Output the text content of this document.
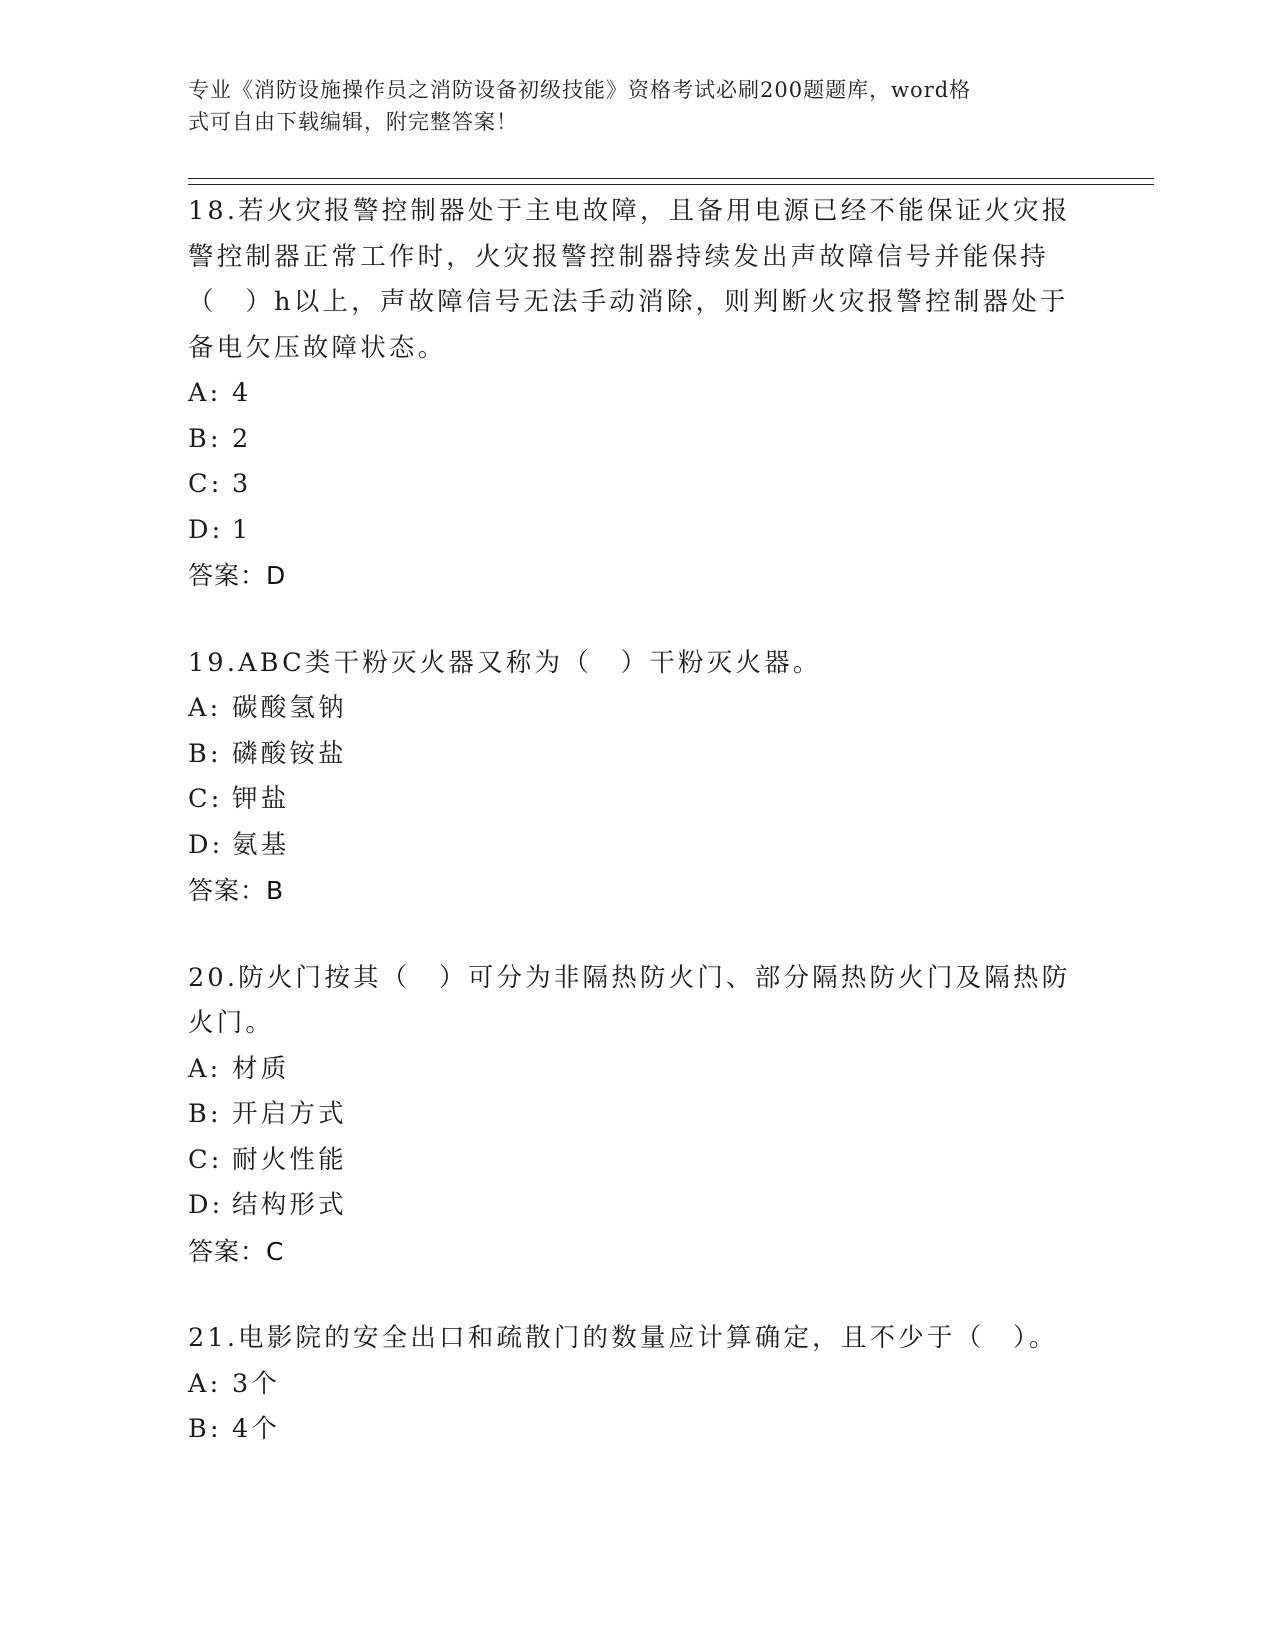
专业《消防设施操作员之消防设备初级技能》资格考试必刷200题题库，word格
式可自由下载编辑，附完整答案！

18.若火灾报警控制器处于主电故障，且备用电源已经不能保证火灾报警控制器正常工作时，火灾报警控制器持续发出声故障信号并能保持（　）h以上，声故障信号无法手动消除，则判断火灾报警控制器处于备电欠压故障状态。

A: 4
B: 2
C: 3
D: 1

答案：D

19.ABC类干粉灭火器又称为（　）干粉灭火器。

A: 碳酸氢钠
B: 磷酸铵盐
C: 钾盐
D: 氨基

答案：B

20.防火门按其（　）可分为非隔热防火门、部分隔热防火门及隔热防火门。

A: 材质
B: 开启方式
C: 耐火性能
D: 结构形式

答案：C

21.电影院的安全出口和疏散门的数量应计算确定，且不少于（　）。

A: 3个
B: 4个
